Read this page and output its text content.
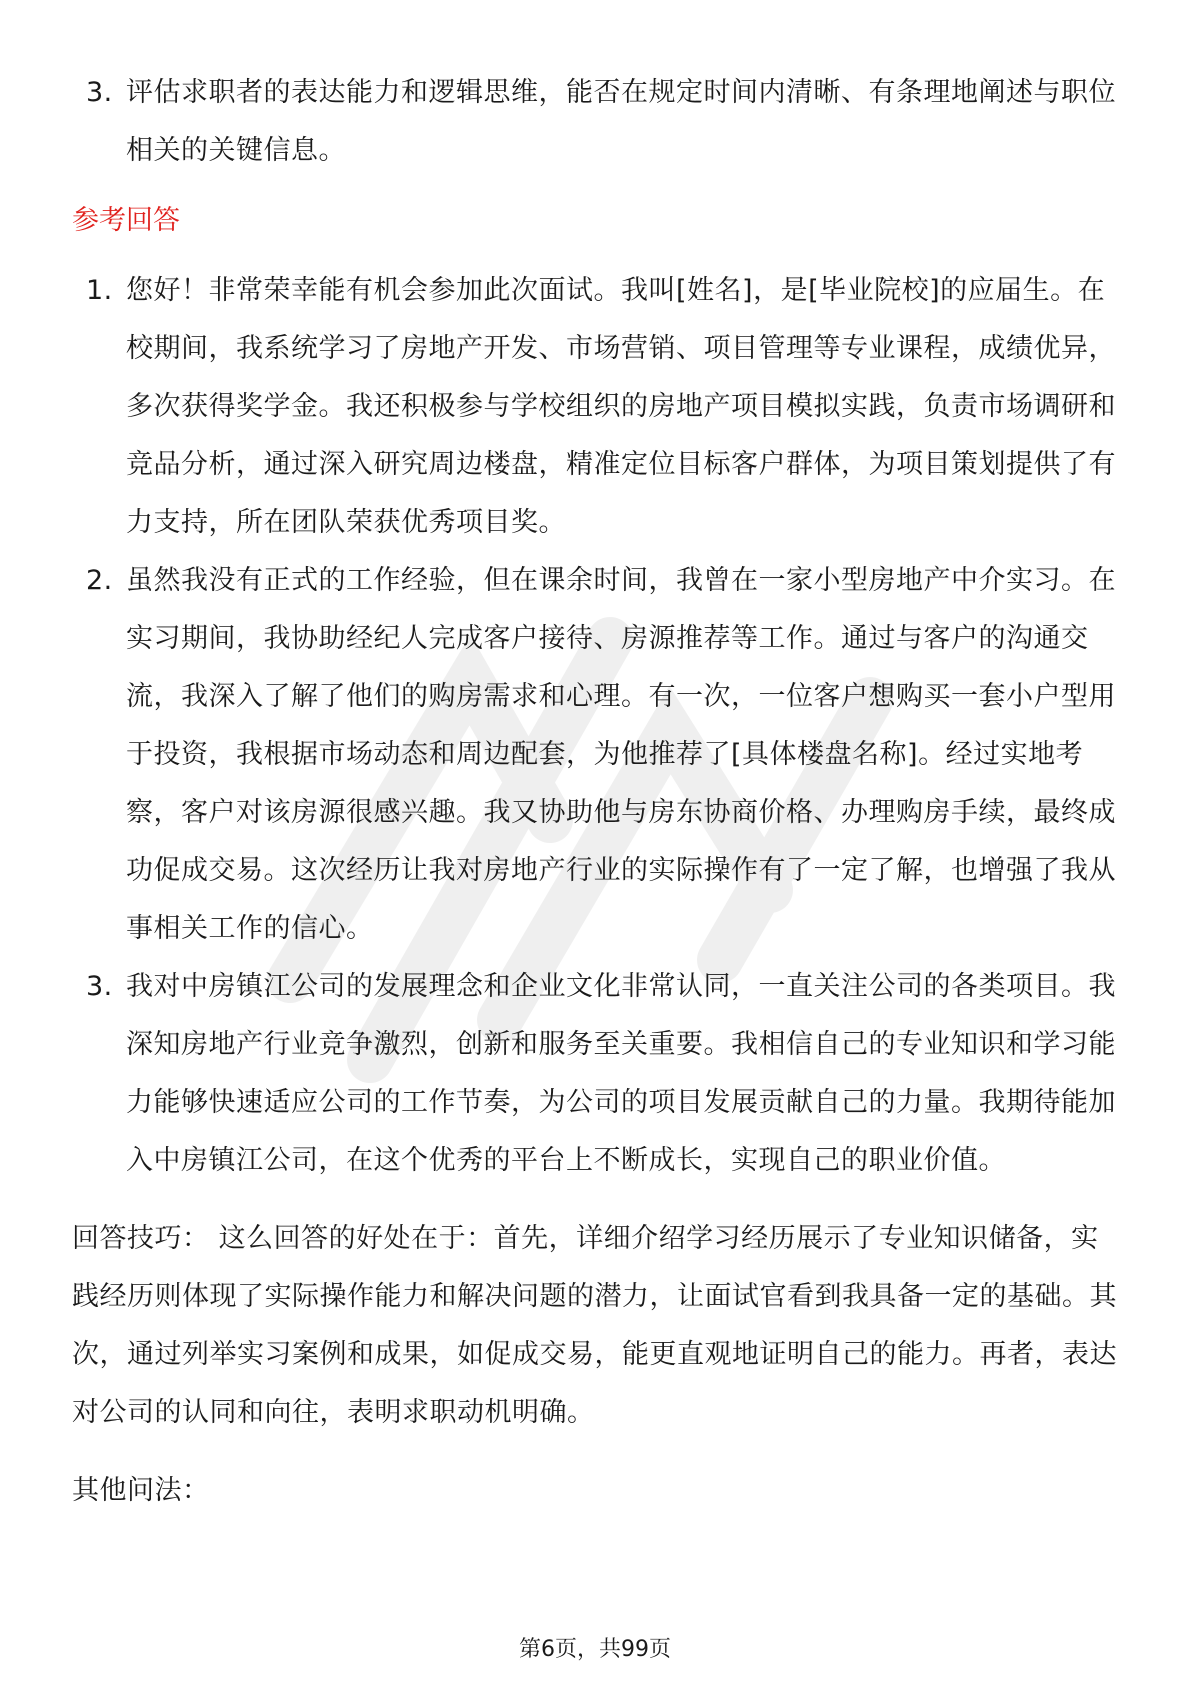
3. 评估求职者的表达能力和逻辑思维，能否在规定时间内清晰、有条理地阐述与职位相关的关键信息。
参考回答
1. 您好！非常荣幸能有机会参加此次面试。我叫[姓名]，是[毕业院校]的应届生。在校期间，我系统学习了房地产开发、市场营销、项目管理等专业课程，成绩优异，多次获得奖学金。我还积极参与学校组织的房地产项目模拟实践，负责市场调研和竞品分析，通过深入研究周边楼盘，精准定位目标客户群体，为项目策划提供了有力支持，所在团队荣获优秀项目奖。
2. 虽然我没有正式的工作经验，但在课余时间，我曾在一家小型房地产中介实习。在实习期间，我协助经纪人完成客户接待、房源推荐等工作。通过与客户的沟通交流，我深入了解了他们的购房需求和心理。有一次，一位客户想购买一套小户型用于投资，我根据市场动态和周边配套，为他推荐了[具体楼盘名称]。经过实地考察，客户对该房源很感兴趣。我又协助他与房东协商价格、办理购房手续，最终成功促成交易。这次经历让我对房地产行业的实际操作有了一定了解，也增强了我从事相关工作的信心。
3. 我对中房镇江公司的发展理念和企业文化非常认同，一直关注公司的各类项目。我深知房地产行业竞争激烈，创新和服务至关重要。我相信自己的专业知识和学习能力能够快速适应公司的工作节奏，为公司的项目发展贡献自己的力量。我期待能加入中房镇江公司，在这个优秀的平台上不断成长，实现自己的职业价值。
回答技巧： 这么回答的好处在于：首先，详细介绍学习经历展示了专业知识储备，实践经历则体现了实际操作能力和解决问题的潜力，让面试官看到我具备一定的基础。其次，通过列举实习案例和成果，如促成交易，能更直观地证明自己的能力。再者，表达对公司的认同和向往，表明求职动机明确。
其他问法：
第6页，共99页
